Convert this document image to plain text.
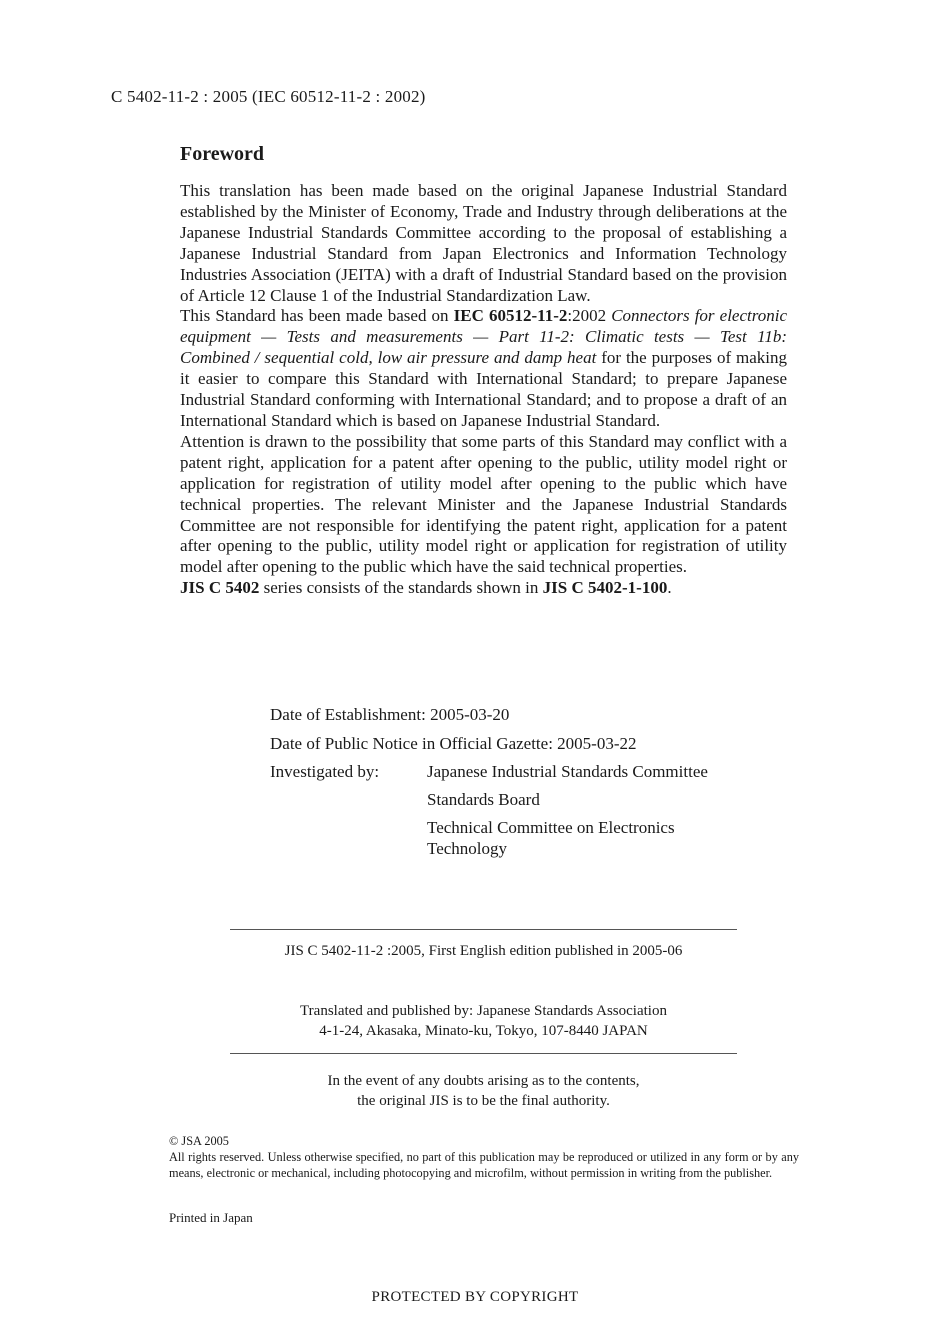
C 5402-11-2 : 2005 (IEC 60512-11-2 : 2002)
Foreword

This translation has been made based on the original Japanese Industrial Standard established by the Minister of Economy, Trade and Industry through deliberations at the Japanese Industrial Standards Committee according to the proposal of establishing a Japanese Industrial Standard from Japan Electronics and Information Technology Industries Association (JEITA) with a draft of Industrial Standard based on the provision of Article 12 Clause 1 of the Industrial Standardization Law.

This Standard has been made based on IEC 60512-11-2:2002 Connectors for electronic equipment — Tests and measurements — Part 11-2: Climatic tests — Test 11b: Combined / sequential cold, low air pressure and damp heat for the purposes of making it easier to compare this Standard with International Standard; to prepare Japanese Industrial Standard conforming with International Standard; and to propose a draft of an International Standard which is based on Japanese Industrial Standard.

Attention is drawn to the possibility that some parts of this Standard may conflict with a patent right, application for a patent after opening to the public, utility model right or application for registration of utility model after opening to the public which have technical properties. The relevant Minister and the Japanese Industrial Standards Committee are not responsible for identifying the patent right, application for a patent after opening to the public, utility model right or application for registration of utility model after opening to the public which have the said technical properties.

JIS C 5402 series consists of the standards shown in JIS C 5402-1-100.

Date of Establishment: 2005-03-20
Date of Public Notice in Official Gazette: 2005-03-22
Investigated by:	Japanese Industrial Standards Committee
Standards Board
Technical Committee on Electronics
Technology
JIS C 5402-11-2 :2005, First English edition published in 2005-06
Translated and published by: Japanese Standards Association
4-1-24, Akasaka, Minato-ku, Tokyo, 107-8440 JAPAN
In the event of any doubts arising as to the contents,
the original JIS is to be the final authority.

© JSA 2005

All rights reserved. Unless otherwise specified, no part of this publication may be reproduced or utilized in any form or by any means, electronic or mechanical, including photocopying and microfilm, without permission in writing from the publisher.

Printed in Japan
PROTECTED BY COPYRIGHT
